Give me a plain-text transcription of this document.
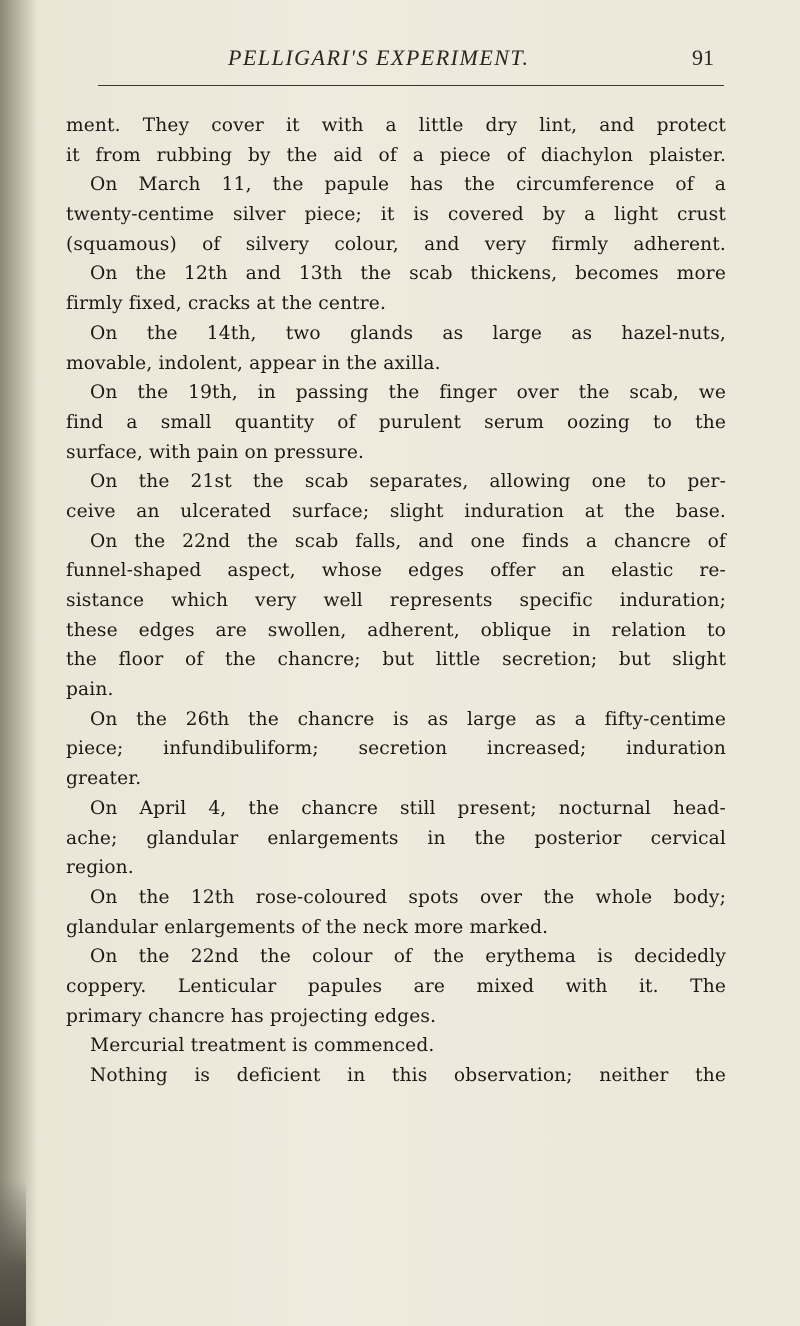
PELLIGARI'S EXPERIMENT.	91
ment. They cover it with a little dry lint, and protect
it from rubbing by the aid of a piece of diachylon plaister.
On March 11, the papule has the circumference of a
twenty-centime silver piece; it is covered by a light crust
(squamous) of silvery colour, and very firmly adherent.
On the 12th and 13th the scab thickens, becomes more
firmly fixed, cracks at the centre.
On the 14th, two glands as large as hazel-nuts,
movable, indolent, appear in the axilla.
On the 19th, in passing the finger over the scab, we
find a small quantity of purulent serum oozing to the
surface, with pain on pressure.
On the 21st the scab separates, allowing one to per-
ceive an ulcerated surface; slight induration at the base.
On the 22nd the scab falls, and one finds a chancre of
funnel-shaped aspect, whose edges offer an elastic re-
sistance which very well represents specific induration;
these edges are swollen, adherent, oblique in relation to
the floor of the chancre; but little secretion; but slight
pain.
On the 26th the chancre is as large as a fifty-centime
piece; infundibuliform; secretion increased; induration
greater.
On April 4, the chancre still present; nocturnal head-
ache; glandular enlargements in the posterior cervical
region.
On the 12th rose-coloured spots over the whole body;
glandular enlargements of the neck more marked.
On the 22nd the colour of the erythema is decidedly
coppery. Lenticular papules are mixed with it. The
primary chancre has projecting edges.
Mercurial treatment is commenced.
Nothing is deficient in this observation; neither the
